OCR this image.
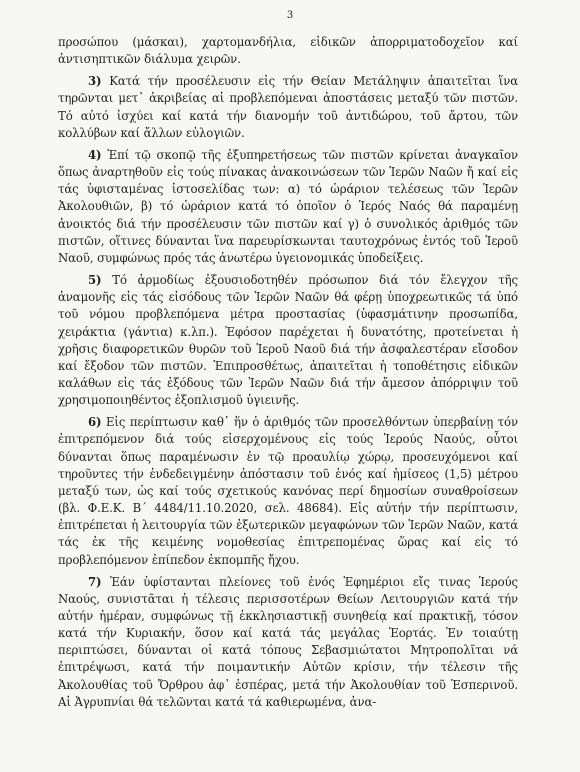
3

προσώπου (μάσκαι), χαρτομανδήλια, εἰδικῶν ἀπορριματοδοχεῖον καί ἀντισηπτικῶν διάλυμα χειρῶν.

3) Κατά τήν προσέλευσιν εἰς τήν Θείαν Μετάληψιν ἀπαιτεῖται ἵνα τηρῶνται μετ᾽ ἀκριβείας αἱ προβλεπόμεναι ἀποστάσεις μεταξύ τῶν πιστῶν. Τό αὐτό ἰσχύει καί κατά τήν διανομήν τοῦ ἀντιδώρου, τοῦ ἄρτου, τῶν κολλύβων καί ἄλλων εὐλογιῶν.

4) Ἐπί τῷ σκοπῷ τῆς ἐξυπηρετήσεως τῶν πιστῶν κρίνεται ἀναγκαῖον ὅπως ἀναρτηθοῦν εἰς τούς πίνακας ἀνακοινώσεων τῶν Ἱερῶν Ναῶν ἤ καί εἰς τάς ὑφισταμένας ἱστοσελίδας των: α) τό ὡράριον τελέσεως τῶν Ἱερῶν Ἀκολουθιῶν, β) τό ὡράριον κατά τό ὁποῖον ὁ Ἱερός Ναός θά παραμένῃ ἀνοικτός διά τήν προσέλευσιν τῶν πιστῶν καί γ) ὁ συνολικός ἀριθμός τῶν πιστῶν, οἵτινες δύνανται ἵνα παρευρίσκωνται ταυτοχρόνως ἐντός τοῦ Ἱεροῦ Ναοῦ, συμφώνως πρός τάς ἀνωτέρω ὑγειονομικάς ὑποδείξεις.

5) Τό ἁρμοδίως ἐξουσιοδοτηθέν πρόσωπον διά τόν ἔλεγχον τῆς ἀναμονῆς εἰς τάς εἰσόδους τῶν Ἱερῶν Ναῶν θά φέρῃ ὑποχρεωτικῶς τά ὑπό τοῦ νόμου προβλεπόμενα μέτρα προστασίας (ὑφασμάτινην προσωπίδα, χειράκτια (γάντια) κ.λπ.). Ἐφόσον παρέχεται ἡ δυνατότης, προτείνεται ἡ χρῆσις διαφορετικῶν θυρῶν τοῦ Ἱεροῦ Ναοῦ διά τήν ἀσφαλεστέραν εἴσοδον καί ἔξοδον τῶν πιστῶν. Ἐπιπροσθέτως, ἀπαιτεῖται ἡ τοποθέτησις εἰδικῶν καλάθων εἰς τάς ἐξόδους τῶν Ἱερῶν Ναῶν διά τήν ἄμεσον ἀπόρριψιν τοῦ χρησιμοποιηθέντος ἐξοπλισμοῦ ὑγιεινῆς.

6) Εἰς περίπτωσιν καθ᾽ ἥν ὁ ἀριθμός τῶν προσελθόντων ὑπερβαίνῃ τόν ἐπιτρεπόμενον διά τούς εἰσερχομένους εἰς τούς Ἱερούς Ναούς, οὗτοι δύνανται ὅπως παραμένωσιν ἐν τῷ προαυλίῳ χώρῳ, προσευχόμενοι καί τηροῦντες τήν ἐνδεδειγμένην ἀπόστασιν τοῦ ἑνός καί ἡμίσεος (1,5) μέτρου μεταξύ των, ὡς καί τούς σχετικούς κανόνας περί δημοσίων συναθροίσεων (βλ. Φ.Ε.Κ. Β΄ 4484/11.10.2020, σελ. 48684). Εἰς αὐτήν τήν περίπτωσιν, ἐπιτρέπεται ἡ λειτουργία τῶν ἐξωτερικῶν μεγαφώνων τῶν Ἱερῶν Ναῶν, κατά τάς ἐκ τῆς κειμένης νομοθεσίας ἐπιτρεπομένας ὥρας καί εἰς τό προβλεπόμενον ἐπίπεδον ἐκπομπῆς ἤχου.

7) Ἐάν ὑφίστανται πλείονες τοῦ ἑνός Ἐφημέριοι εἴς τινας Ἱερούς Ναούς, συνιστᾶται ἡ τέλεσις περισσοτέρων Θείων Λειτουργιῶν κατά τήν αὐτήν ἡμέραν, συμφώνως τῇ ἐκκλησιαστικῇ συνηθείᾳ καί πρακτικῇ, τόσον κατά τήν Κυριακήν, ὅσον καί κατά τάς μεγάλας Ἑορτάς. Ἐν τοιαύτῃ περιπτώσει, δύνανται οἱ κατά τόπους Σεβασμιώτατοι Μητροπολῖται νά ἐπιτρέψωσι, κατά τήν ποιμαντικήν Αὐτῶν κρίσιν, τήν τέλεσιν τῆς Ἀκολουθίας τοῦ Ὄρθρου ἀφ᾽ ἑσπέρας, μετά τήν Ἀκολουθίαν τοῦ Ἑσπερινοῦ. Αἱ Ἀγρυπνίαι θά τελῶνται κατά τά καθιερωμένα, ἀνα-
